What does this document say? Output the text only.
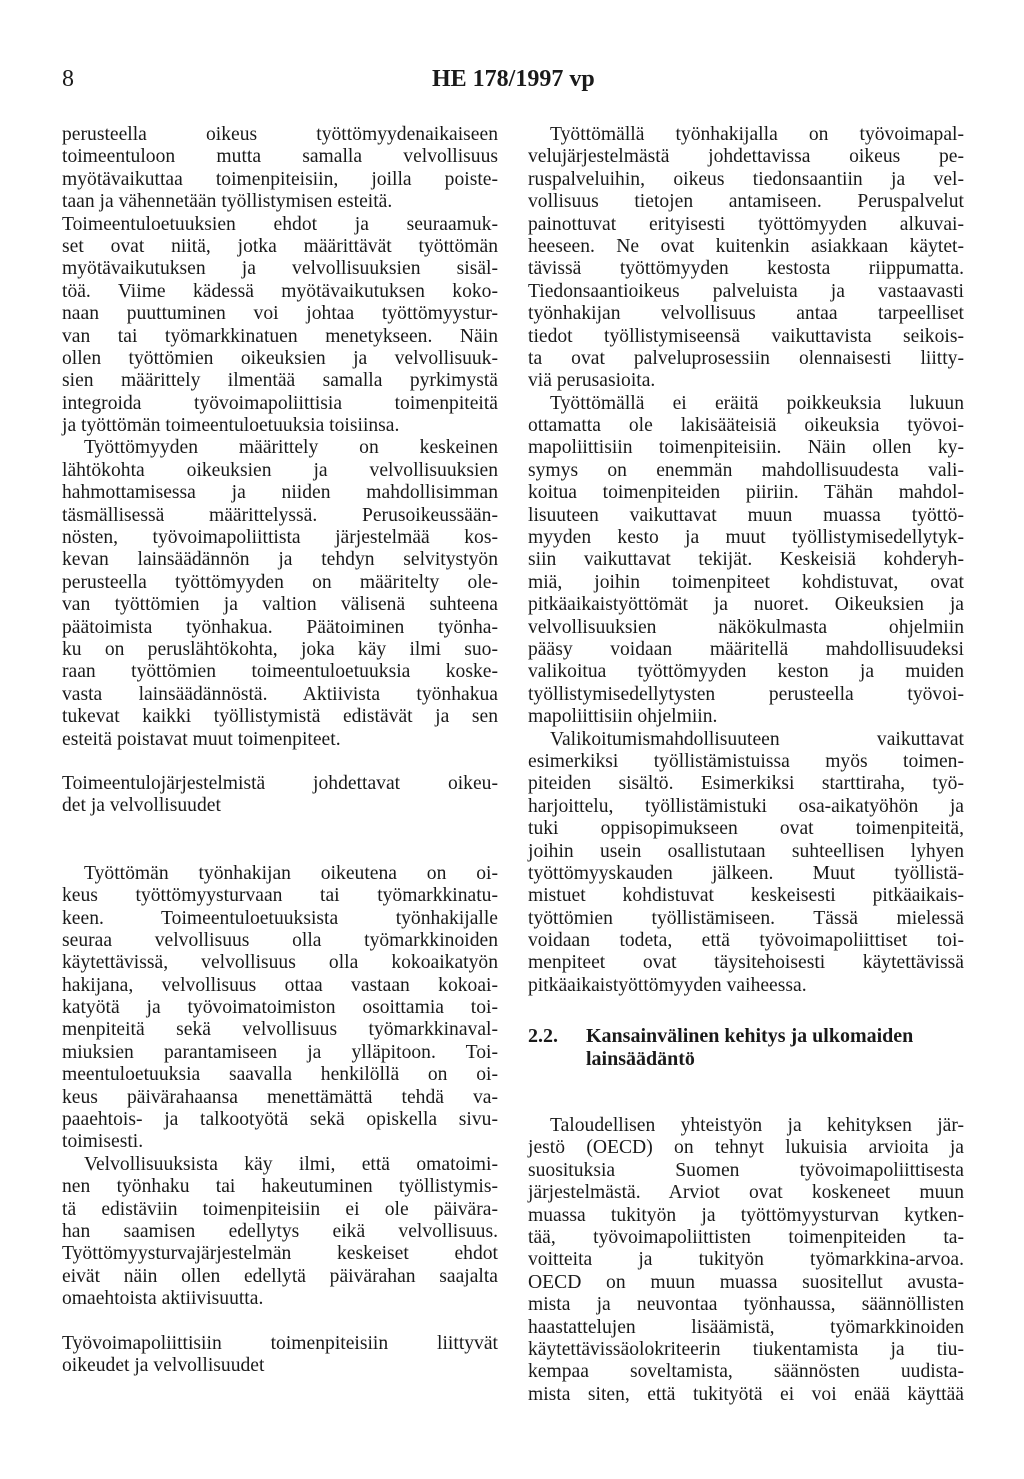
8	HE 178/1997 vp
perusteella oikeus työttömyydenaikaiseen
toimeentuloon mutta samalla velvollisuus
myötävaikuttaa toimenpiteisiin, joilla poiste-
taan ja vähennetään työllistymisen esteitä.
Toimeentuloetuuksien ehdot ja seuraamuk-
set ovat niitä, jotka määrittävät työttömän
myötävaikutuksen ja velvollisuuksien sisäl-
töä. Viime kädessä myötävaikutuksen koko-
naan puuttuminen voi johtaa työttömyystur-
van tai työmarkkinatuen menetykseen. Näin
ollen työttömien oikeuksien ja velvollisuuk-
sien määrittely ilmentää samalla pyrkimystä
integroida työvoimapoliittisia toimenpiteitä
ja työttömän toimeentuloetuuksia toisiinsa.
Työttömyyden määrittely on keskeinen
lähtökohta oikeuksien ja velvollisuuksien
hahmottamisessa ja niiden mahdollisimman
täsmällisessä määrittelyssä. Perusoikeussään-
nösten, työvoimapoliittista järjestelmää kos-
kevan lainsäädännön ja tehdyn selvitystyön
perusteella työttömyyden on määritelty ole-
van työttömien ja valtion välisenä suhteena
päätoimista työnhakua. Päätoiminen työnha-
ku on peruslähtökohta, joka käy ilmi suo-
raan työttömien toimeentuloetuuksia koske-
vasta lainsäädännöstä. Aktiivista työnhakua
tukevat kaikki työllistymistä edistävät ja sen
esteitä poistavat muut toimenpiteet.
Toimeentulojärjestelmistä johdettavat oikeu-
det ja velvollisuudet
Työttömän työnhakijan oikeutena on oi-
keus työttömyysturvaan tai työmarkkinatu-
keen. Toimeentuloetuuksista työnhakijalle
seuraa velvollisuus olla työmarkkinoiden
käytettävissä, velvollisuus olla kokoaikatyön
hakijana, velvollisuus ottaa vastaan kokoai-
katyötä ja työvoimatoimiston osoittamia toi-
menpiteitä sekä velvollisuus työmarkkinaval-
miuksien parantamiseen ja ylläpitoon. Toi-
meentuloetuuksia saavalla henkilöllä on oi-
keus päivärahaansa menettämättä tehdä va-
paaehtois- ja talkootyötä sekä opiskella sivu-
toimisesti.
Velvollisuuksista käy ilmi, että omatoimi-
nen työnhaku tai hakeutuminen työllistymis-
tä edistäviin toimenpiteisiin ei ole päivära-
han saamisen edellytys eikä velvollisuus.
Työttömyysturvajärjestelmän keskeiset ehdot
eivät näin ollen edellytä päivärahan saajalta
omaehtoista aktiivisuutta.
Työvoimapoliittisiin toimenpiteisiin liittyvät
oikeudet ja velvollisuudet
Työttömällä työnhakijalla on työvoimapal-
velujärjestelmästä johdettavissa oikeus pe-
ruspalveluihin, oikeus tiedonsaantiin ja vel-
vollisuus tietojen antamiseen. Peruspalvelut
painottuvat erityisesti työttömyyden alkuvai-
heeseen. Ne ovat kuitenkin asiakkaan käytet-
tävissä työttömyyden kestosta riippumatta.
Tiedonsaantioikeus palveluista ja vastaavasti
työnhakijan velvollisuus antaa tarpeelliset
tiedot työllistymiseensä vaikuttavista seikois-
ta ovat palveluprosessiin olennaisesti liitty-
viä perusasioita.
Työttömällä ei eräitä poikkeuksia lukuun
ottamatta ole lakisääteisiä oikeuksia työvoi-
mapoliittisiin toimenpiteisiin. Näin ollen ky-
symys on enemmän mahdollisuudesta vali-
koitua toimenpiteiden piiriin. Tähän mahdol-
lisuuteen vaikuttavat muun muassa työttö-
myyden kesto ja muut työllistymisedellytyk-
siin vaikuttavat tekijät. Keskeisiä kohderyh-
miä, joihin toimenpiteet kohdistuvat, ovat
pitkäaikaistyöttömät ja nuoret. Oikeuksien ja
velvollisuuksien näkökulmasta ohjelmiin
pääsy voidaan määritellä mahdollisuudeksi
valikoitua työttömyyden keston ja muiden
työllistymisedellytysten perusteella työvoi-
mapoliittisiin ohjelmiin.
Valikoitumismahdollisuuteen vaikuttavat
esimerkiksi työllistämistuissa myös toimen-
piteiden sisältö. Esimerkiksi starttiraha, työ-
harjoittelu, työllistämistuki osa-aikatyöhön ja
tuki oppisopimukseen ovat toimenpiteitä,
joihin usein osallistutaan suhteellisen lyhyen
työttömyyskauden jälkeen. Muut työllistä-
mistuet kohdistuvat keskeisesti pitkäaikais-
työttömien työllistämiseen. Tässä mielessä
voidaan todeta, että työvoimapoliittiset toi-
menpiteet ovat täysitehoisesti käytettävissä
pitkäaikaistyöttömyyden vaiheessa.
2.2. Kansainvälinen kehitys ja ulkomaiden
lainsäädäntö
Taloudellisen yhteistyön ja kehityksen jär-
jestö (OECD) on tehnyt lukuisia arvioita ja
suosituksia Suomen työvoimapoliittisesta
järjestelmästä. Arviot ovat koskeneet muun
muassa tukityön ja työttömyysturvan kytken-
tää, työvoimapoliittisten toimenpiteiden ta-
voitteita ja tukityön työmarkkina-arvoa.
OECD on muun muassa suositellut avusta-
mista ja neuvontaa työnhaussa, säännöllisten
haastattelujen lisäämistä, työmarkkinoiden
käytettävissäolokriteerin tiukentamista ja tiu-
kempaa soveltamista, säännösten uudista-
mista siten, että tukityötä ei voi enää käyttää
